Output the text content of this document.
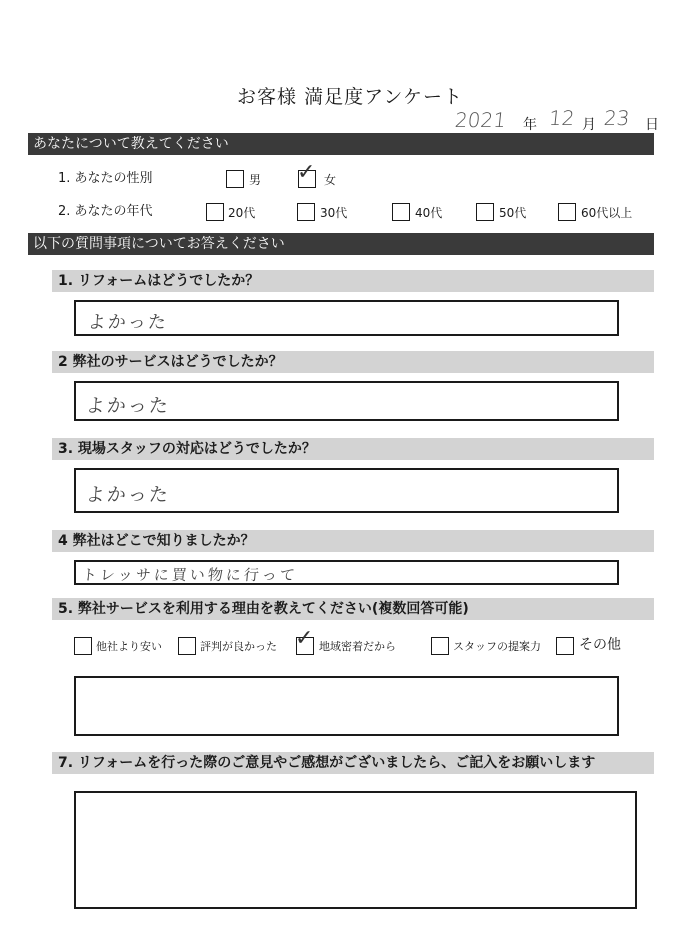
お客様 満足度アンケート
2021 年 12 月 23 日
あなたについて教えてください
1. あなたの性別	男 ✓ 女
2. あなたの年代	20代	30代	40代	50代	60代以上
以下の質問事項についてお答えください
1. リフォームはどうでしたか？
よかった
2 弊社のサービスはどうでしたか？
よかった
3. 現場スタッフの対応はどうでしたか？
よかった
4 弊社はどこで知りましたか？
トレッサに買い物に行って
5. 弊社サービスを利用する理由を教えてください(複数回答可能)
他社より安い	評判が良かった ✓ 地域密着だから	スタッフの提案力	その他
7. リフォームを行った際のご意見やご感想がございましたら、ご記入をお願いします
